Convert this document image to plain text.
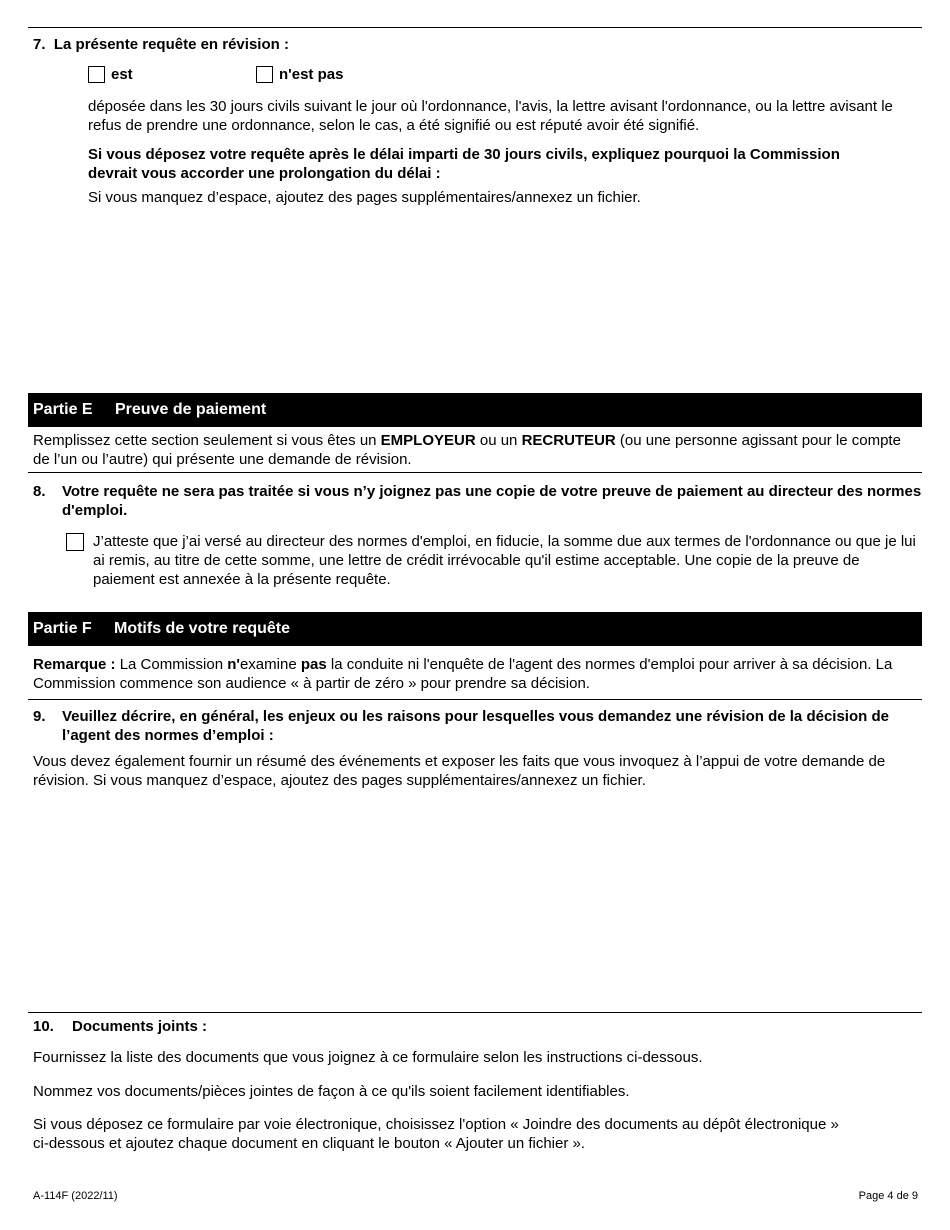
7. La présente requête en révision :
est	n'est pas
déposée dans les 30 jours civils suivant le jour où l'ordonnance, l'avis, la lettre avisant l'ordonnance, ou la lettre avisant le refus de prendre une ordonnance, selon le cas, a été signifié ou est réputé avoir été signifié.
Si vous déposez votre requête après le délai imparti de 30 jours civils, expliquez pourquoi la Commission devrait vous accorder une prolongation du délai :
Si vous manquez d’espace, ajoutez des pages supplémentaires/annexez un fichier.
Partie E Preuve de paiement
Remplissez cette section seulement si vous êtes un EMPLOYEUR ou un RECRUTEUR (ou une personne agissant pour le compte de l’un ou l’autre) qui présente une demande de révision.
8. Votre requête ne sera pas traitée si vous n’y joignez pas une copie de votre preuve de paiement au directeur des normes d'emploi.
J’atteste que j’ai versé au directeur des normes d'emploi, en fiducie, la somme due aux termes de l'ordonnance ou que je lui ai remis, au titre de cette somme, une lettre de crédit irrévocable qu'il estime acceptable. Une copie de la preuve de paiement est annexée à la présente requête.
Partie F Motifs de votre requête
Remarque : La Commission n'examine pas la conduite ni l'enquête de l'agent des normes d'emploi pour arriver à sa décision. La Commission commence son audience « à partir de zéro » pour prendre sa décision.
9. Veuillez décrire, en général, les enjeux ou les raisons pour lesquelles vous demandez une révision de la décision de l’agent des normes d’emploi :
Vous devez également fournir un résumé des événements et exposer les faits que vous invoquez à l’appui de votre demande de révision. Si vous manquez d’espace, ajoutez des pages supplémentaires/annexez un fichier.
10. Documents joints :
Fournissez la liste des documents que vous joignez à ce formulaire selon les instructions ci-dessous.
Nommez vos documents/pièces jointes de façon à ce qu'ils soient facilement identifiables.
Si vous déposez ce formulaire par voie électronique, choisissez l'option « Joindre des documents au dépôt électronique »
ci-dessous et ajoutez chaque document en cliquant le bouton « Ajouter un fichier ».
A-114F (2022/11)	Page 4 de 9
